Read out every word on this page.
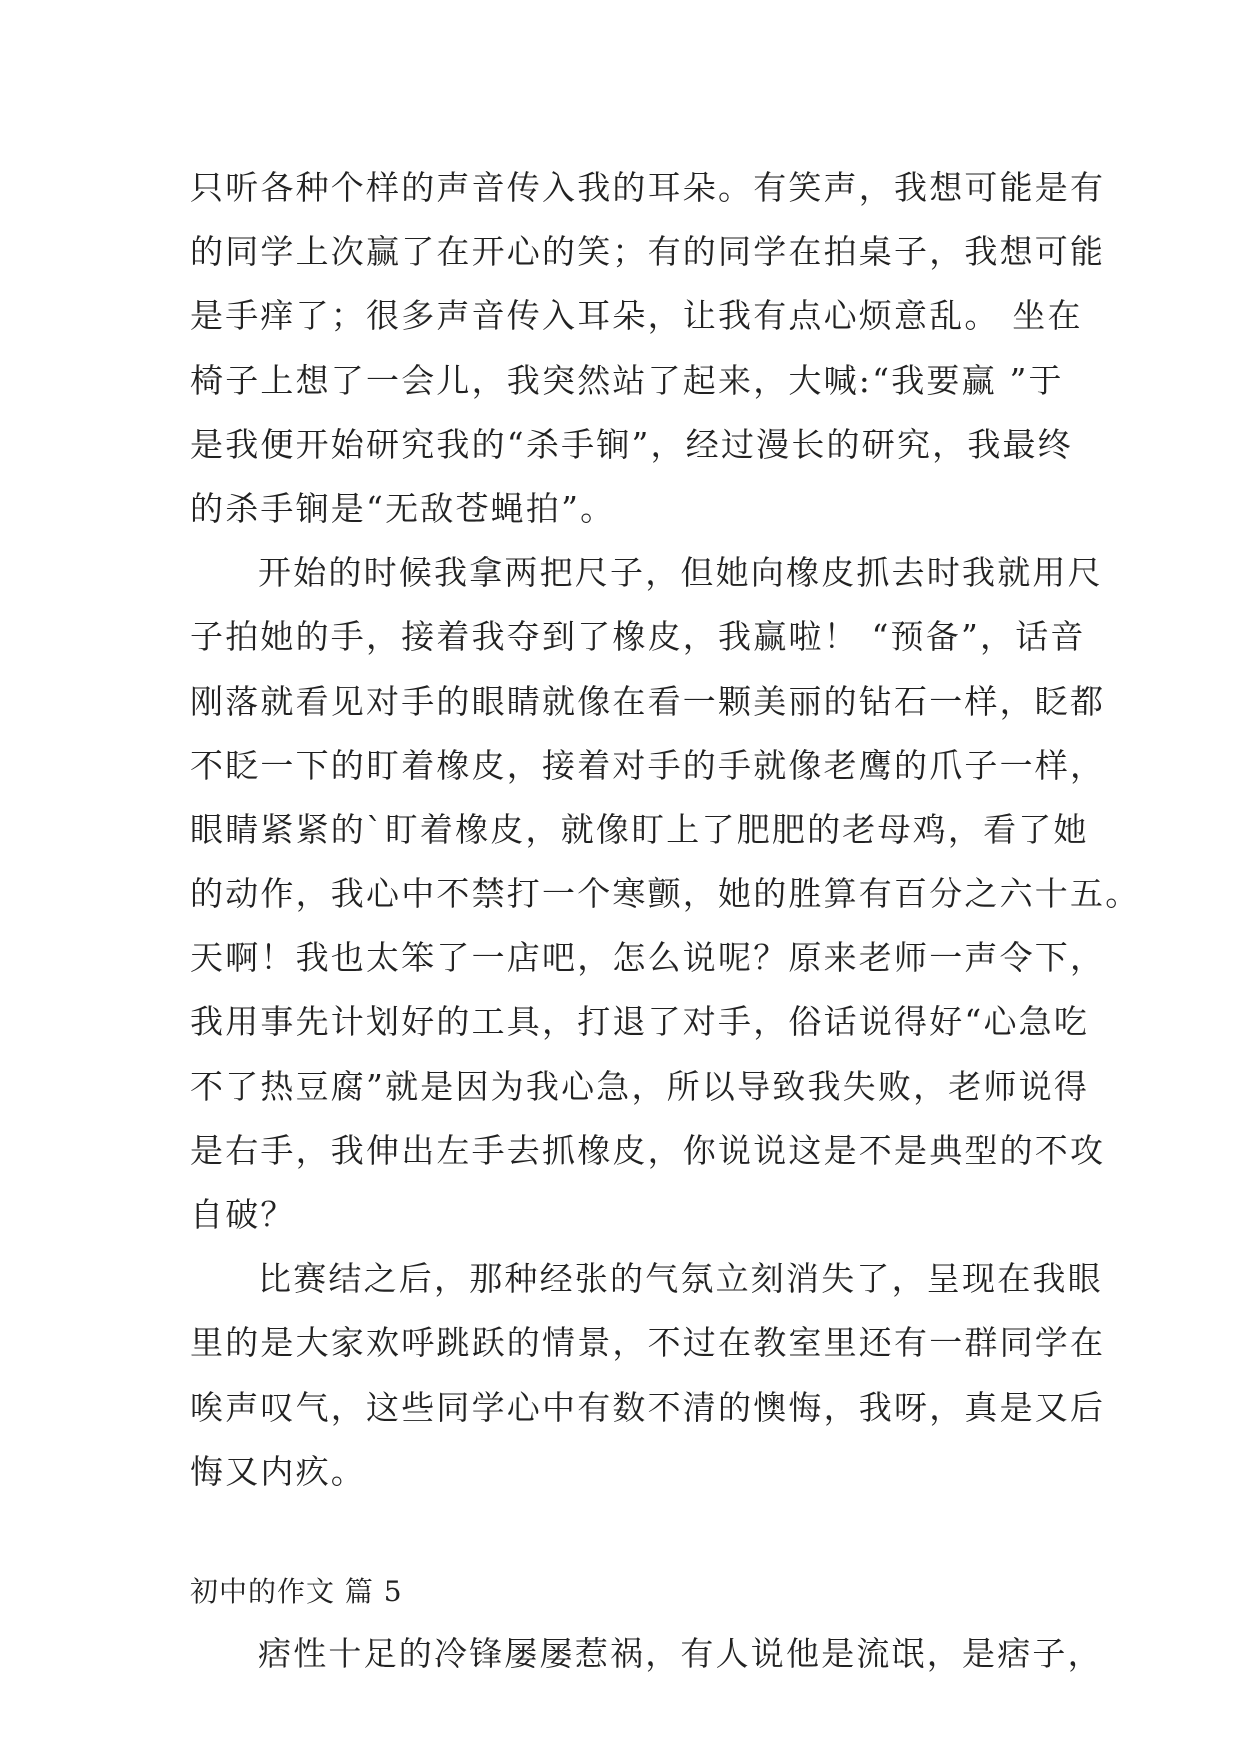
只听各种个样的声音传入我的耳朵。有笑声，我想可能是有
的同学上次赢了在开心的笑；有的同学在拍桌子，我想可能
是手痒了；很多声音传入耳朵，让我有点心烦意乱。 坐在
椅子上想了一会儿，我突然站了起来，大喊:“我要赢 ”于
是我便开始研究我的“杀手锏”，经过漫长的研究，我最终
的杀手锏是“无敌苍蝇拍”。
开始的时候我拿两把尺子，但她向橡皮抓去时我就用尺
子拍她的手，接着我夺到了橡皮，我赢啦！ “预备”，话音
刚落就看见对手的眼睛就像在看一颗美丽的钻石一样，眨都
不眨一下的盯着橡皮，接着对手的手就像老鹰的爪子一样，
眼睛紧紧的`盯着橡皮，就像盯上了肥肥的老母鸡，看了她
的动作，我心中不禁打一个寒颤，她的胜算有百分之六十五。
天啊！我也太笨了一店吧，怎么说呢？原来老师一声令下，
我用事先计划好的工具，打退了对手，俗话说得好“心急吃
不了热豆腐”就是因为我心急，所以导致我失败，老师说得
是右手，我伸出左手去抓橡皮，你说说这是不是典型的不攻
自破？
比赛结之后，那种经张的气氛立刻消失了，呈现在我眼
里的是大家欢呼跳跃的情景，不过在教室里还有一群同学在
唉声叹气，这些同学心中有数不清的懊悔，我呀，真是又后
悔又内疚。
初中的作文 篇 5
痞性十足的冷锋屡屡惹祸，有人说他是流氓，是痞子，
